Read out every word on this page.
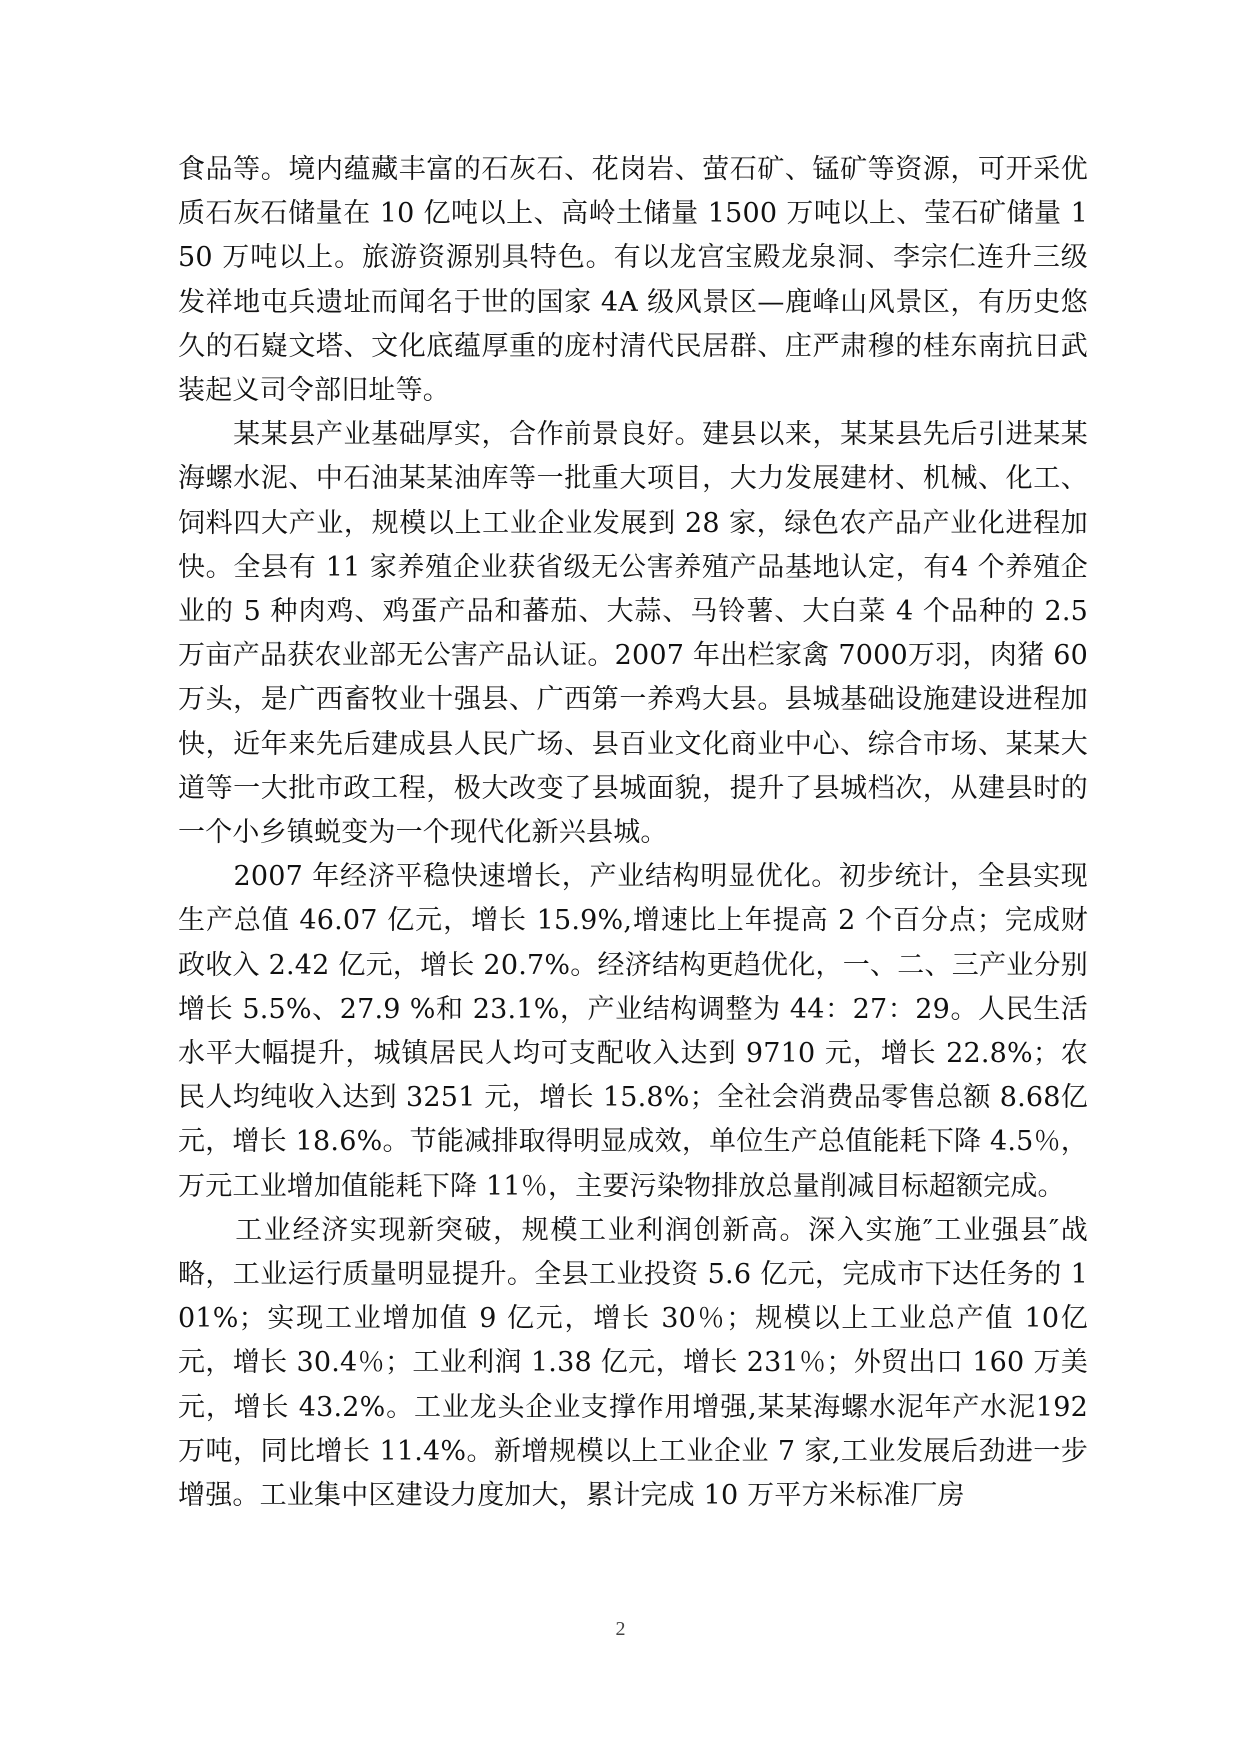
食品等。境内蕴藏丰富的石灰石、花岗岩、萤石矿、锰矿等资源，可开采优质石灰石储量在 10 亿吨以上、高岭土储量 1500 万吨以上、莹石矿储量 150 万吨以上。旅游资源别具特色。有以龙宫宝殿龙泉洞、李宗仁连升三级发祥地屯兵遗址而闻名于世的国家 4A 级风景区—鹿峰山风景区，有历史悠久的石嶷文塔、文化底蕴厚重的庞村清代民居群、庄严肃穆的桂东南抗日武装起义司令部旧址等。

　　某某县产业基础厚实，合作前景良好。建县以来，某某县先后引进某某海螺水泥、中石油某某油库等一批重大项目，大力发展建材、机械、化工、饲料四大产业，规模以上工业企业发展到 28 家，绿色农产品产业化进程加快。全县有 11 家养殖企业获省级无公害养殖产品基地认定，有4 个养殖企业的 5 种肉鸡、鸡蛋产品和蕃茄、大蒜、马铃薯、大白菜 4 个品种的 2.5 万亩产品获农业部无公害产品认证。2007 年出栏家禽 7000万羽，肉猪 60 万头，是广西畜牧业十强县、广西第一养鸡大县。县城基础设施建设进程加快，近年来先后建成县人民广场、县百业文化商业中心、综合市场、某某大道等一大批市政工程，极大改变了县城面貌，提升了县城档次，从建县时的一个小乡镇蜕变为一个现代化新兴县城。

　　2007 年经济平稳快速增长，产业结构明显优化。初步统计，全县实现生产总值 46.07 亿元，增长 15.9%,增速比上年提高 2 个百分点；完成财政收入 2.42 亿元，增长 20.7%。经济结构更趋优化，一、二、三产业分别增长 5.5%、27.9 %和 23.1%，产业结构调整为 44：27：29。人民生活水平大幅提升，城镇居民人均可支配收入达到 9710 元，增长 22.8%；农民人均纯收入达到 3251 元，增长 15.8%；全社会消费品零售总额 8.68亿元，增长 18.6%。节能减排取得明显成效，单位生产总值能耗下降 4.5％，万元工业增加值能耗下降 11％，主要污染物排放总量削减目标超额完成。

　　工业经济实现新突破，规模工业利润创新高。深入实施″工业强县″战略，工业运行质量明显提升。全县工业投资 5.6 亿元，完成市下达任务的 101%；实现工业增加值 9 亿元，增长 30％；规模以上工业总产值 10亿元，增长 30.4％；工业利润 1.38 亿元，增长 231％；外贸出口 160 万美元，增长 43.2%。工业龙头企业支撑作用增强,某某海螺水泥年产水泥192 万吨，同比增长 11.4%。新增规模以上工业企业 7 家,工业发展后劲进一步增强。工业集中区建设力度加大，累计完成 10 万平方米标准厂房

2
